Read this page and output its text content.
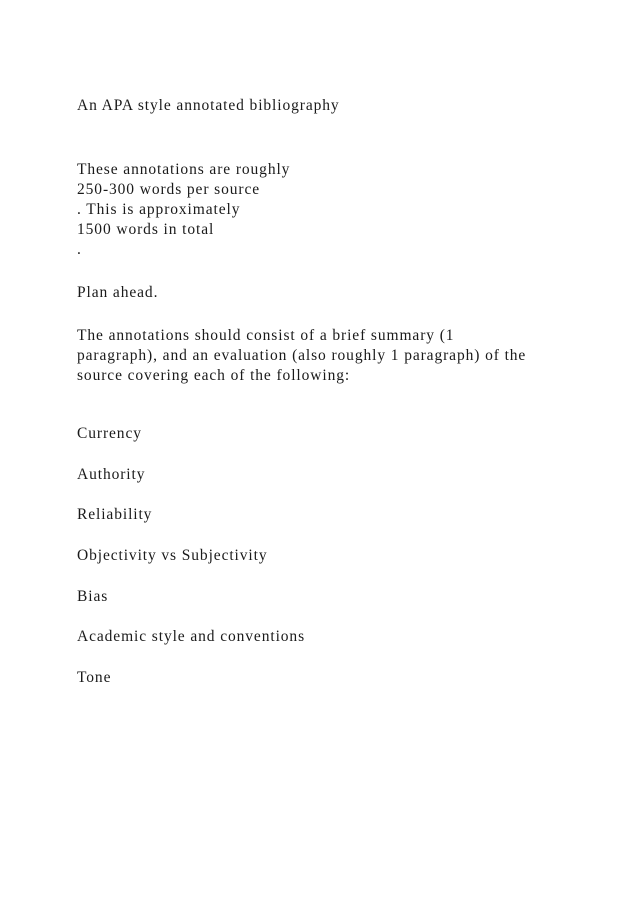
An APA style annotated bibliography
These annotations are roughly
250-300 words per source
. This is approximately
1500 words in total
.
Plan ahead.
The annotations should consist of a brief summary (1
paragraph), and an evaluation (also roughly 1 paragraph) of the
source covering each of the following:
Currency
Authority
Reliability
Objectivity vs Subjectivity
Bias
Academic style and conventions
Tone
